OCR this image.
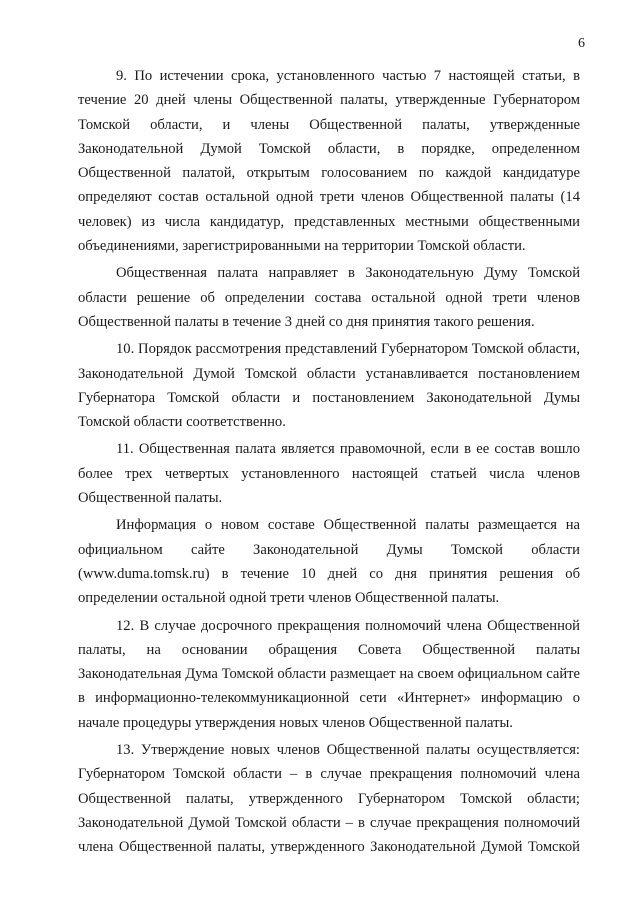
6

9. По истечении срока, установленного частью 7 настоящей статьи, в течение 20 дней члены Общественной палаты, утвержденные Губернатором Томской области, и члены Общественной палаты, утвержденные Законодательной Думой Томской области, в порядке, определенном Общественной палатой, открытым голосованием по каждой кандидатуре определяют состав остальной одной трети членов Общественной палаты (14 человек) из числа кандидатур, представленных местными общественными объединениями, зарегистрированными на территории Томской области.

Общественная палата направляет в Законодательную Думу Томской области решение об определении состава остальной одной трети членов Общественной палаты в течение 3 дней со дня принятия такого решения.

10. Порядок рассмотрения представлений Губернатором Томской области, Законодательной Думой Томской области устанавливается постановлением Губернатора Томской области и постановлением Законодательной Думы Томской области соответственно.

11. Общественная палата является правомочной, если в ее состав вошло более трех четвертых установленного настоящей статьей числа членов Общественной палаты.

Информация о новом составе Общественной палаты размещается на официальном сайте Законодательной Думы Томской области (www.duma.tomsk.ru) в течение 10 дней со дня принятия решения об определении остальной одной трети членов Общественной палаты.

12. В случае досрочного прекращения полномочий члена Общественной палаты, на основании обращения Совета Общественной палаты Законодательная Дума Томской области размещает на своем официальном сайте в информационно-телекоммуникационной сети «Интернет» информацию о начале процедуры утверждения новых членов Общественной палаты.

13. Утверждение новых членов Общественной палаты осуществляется: Губернатором Томской области – в случае прекращения полномочий члена Общественной палаты, утвержденного Губернатором Томской области; Законодательной Думой Томской области – в случае прекращения полномочий члена Общественной палаты, утвержденного Законодательной Думой Томской
